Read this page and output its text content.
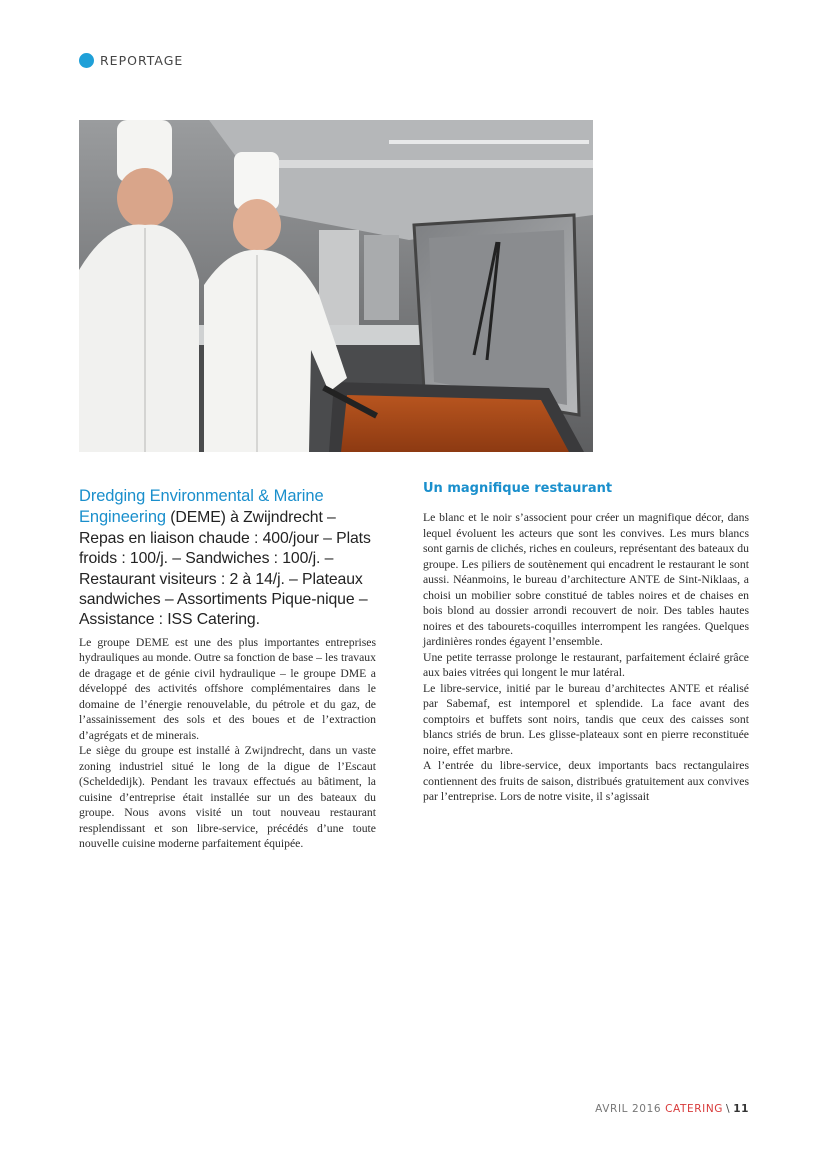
REPORTAGE

Dredging Environmental & Marine Engineering (DEME) à Zwijndrecht – Repas en liaison chaude : 400/jour – Plats froids : 100/j. – Sandwiches : 100/j. – Restaurant visiteurs : 2 à 14/j. – Plateaux sandwiches – Assortiments Pique-nique – Assistance : ISS Catering.

Le groupe DEME est une des plus importantes entreprises hydrauliques au monde. Outre sa fonction de base – les travaux de dragage et de génie civil hydraulique – le groupe DME a développé des activités offshore complémentaires dans le domaine de l’énergie renouvelable, du pétrole et du gaz, de l’assainissement des sols et des boues et de l’extraction d’agrégats et de minerais.

Le siège du groupe est installé à Zwijndrecht, dans un vaste zoning industriel situé le long de la digue de l’Escaut (Scheldedijk). Pendant les travaux effectués au bâtiment, la cuisine d’entreprise était installée sur un des bateaux du groupe. Nous avons visité un tout nouveau restaurant resplendissant et son libre-service, précédés d’une toute nouvelle cuisine moderne parfaitement équipée.

Un magnifique restaurant

Le blanc et le noir s’associent pour créer un magnifique décor, dans lequel évoluent les acteurs que sont les convives. Les murs blancs sont garnis de clichés, riches en couleurs, représentant des bateaux du groupe. Les piliers de soutènement qui encadrent le restaurant le sont aussi. Néanmoins, le bureau d’architecture ANTE de Sint-Niklaas, a choisi un mobilier sobre constitué de tables noires et de chaises en bois blond au dossier arrondi recouvert de noir. Des tables hautes noires et des tabourets-coquilles interrompent les rangées. Quelques jardinières rondes égayent l’ensemble.

Une petite terrasse prolonge le restaurant, parfaitement éclairé grâce aux baies vitrées qui longent le mur latéral.

Le libre-service, initié par le bureau d’architectes ANTE et réalisé par Sabemaf, est intemporel et splendide. La face avant des comptoirs et buffets sont noirs, tandis que ceux des caisses sont blancs striés de brun. Les glisse-plateaux sont en pierre reconstituée noire, effet marbre.

A l’entrée du libre-service, deux importants bacs rectangulaires contiennent des fruits de saison, distribués gratuitement aux convives par l’entreprise. Lors de notre visite, il s’agissait

AVRIL 2016 CATERING \ 11
